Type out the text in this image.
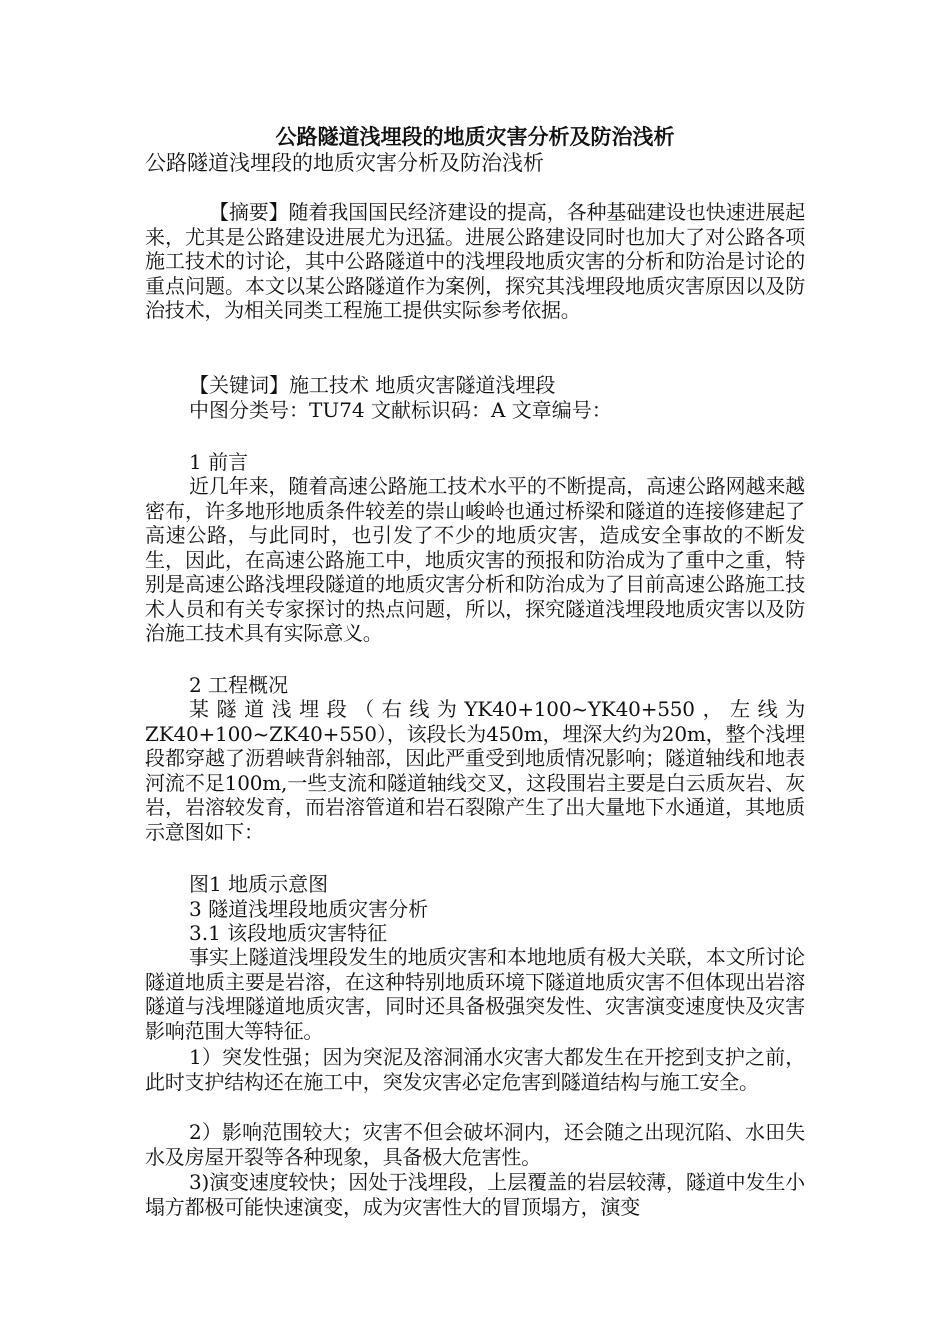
公路隧道浅埋段的地质灾害分析及防治浅析
公路隧道浅埋段的地质灾害分析及防治浅析
【摘要】随着我国国民经济建设的提高，各种基础建设也快速进展起来，尤其是公路建设进展尤为迅猛。进展公路建设同时也加大了对公路各项施工技术的讨论，其中公路隧道中的浅埋段地质灾害的分析和防治是讨论的重点问题。本文以某公路隧道作为案例，探究其浅埋段地质灾害原因以及防治技术，为相关同类工程施工提供实际参考依据。
【关键词】施工技术 地质灾害隧道浅埋段
中图分类号：TU74 文献标识码：A 文章编号：
1 前言
近几年来，随着高速公路施工技术水平的不断提高，高速公路网越来越密布，许多地形地质条件较差的崇山峻岭也通过桥梁和隧道的连接修建起了高速公路，与此同时，也引发了不少的地质灾害，造成安全事故的不断发生，因此，在高速公路施工中，地质灾害的预报和防治成为了重中之重，特别是高速公路浅埋段隧道的地质灾害分析和防治成为了目前高速公路施工技术人员和有关专家探讨的热点问题，所以，探究隧道浅埋段地质灾害以及防治施工技术具有实际意义。
2 工程概况
某隧道浅埋段（右线为YK40+100~YK40+550，左线为ZK40+100~ZK40+550），该段长为450m，埋深大约为20m，整个浅埋段都穿越了沥碧峡背斜轴部，因此严重受到地质情况影响；隧道轴线和地表河流不足100m,一些支流和隧道轴线交叉，这段围岩主要是白云质灰岩、灰岩，岩溶较发育，而岩溶管道和岩石裂隙产生了出大量地下水通道，其地质示意图如下：
图1 地质示意图
3 隧道浅埋段地质灾害分析
3.1 该段地质灾害特征
事实上隧道浅埋段发生的地质灾害和本地地质有极大关联，本文所讨论隧道地质主要是岩溶，在这种特别地质环境下隧道地质灾害不但体现出岩溶隧道与浅埋隧道地质灾害，同时还具备极强突发性、灾害演变速度快及灾害影响范围大等特征。
1）突发性强；因为突泥及溶洞涌水灾害大都发生在开挖到支护之前，此时支护结构还在施工中，突发灾害必定危害到隧道结构与施工安全。
2）影响范围较大；灾害不但会破坏洞内，还会随之出现沉陷、水田失水及房屋开裂等各种现象，具备极大危害性。
3)演变速度较快；因处于浅埋段，上层覆盖的岩层较薄，隧道中发生小塌方都极可能快速演变，成为灾害性大的冒顶塌方，演变
